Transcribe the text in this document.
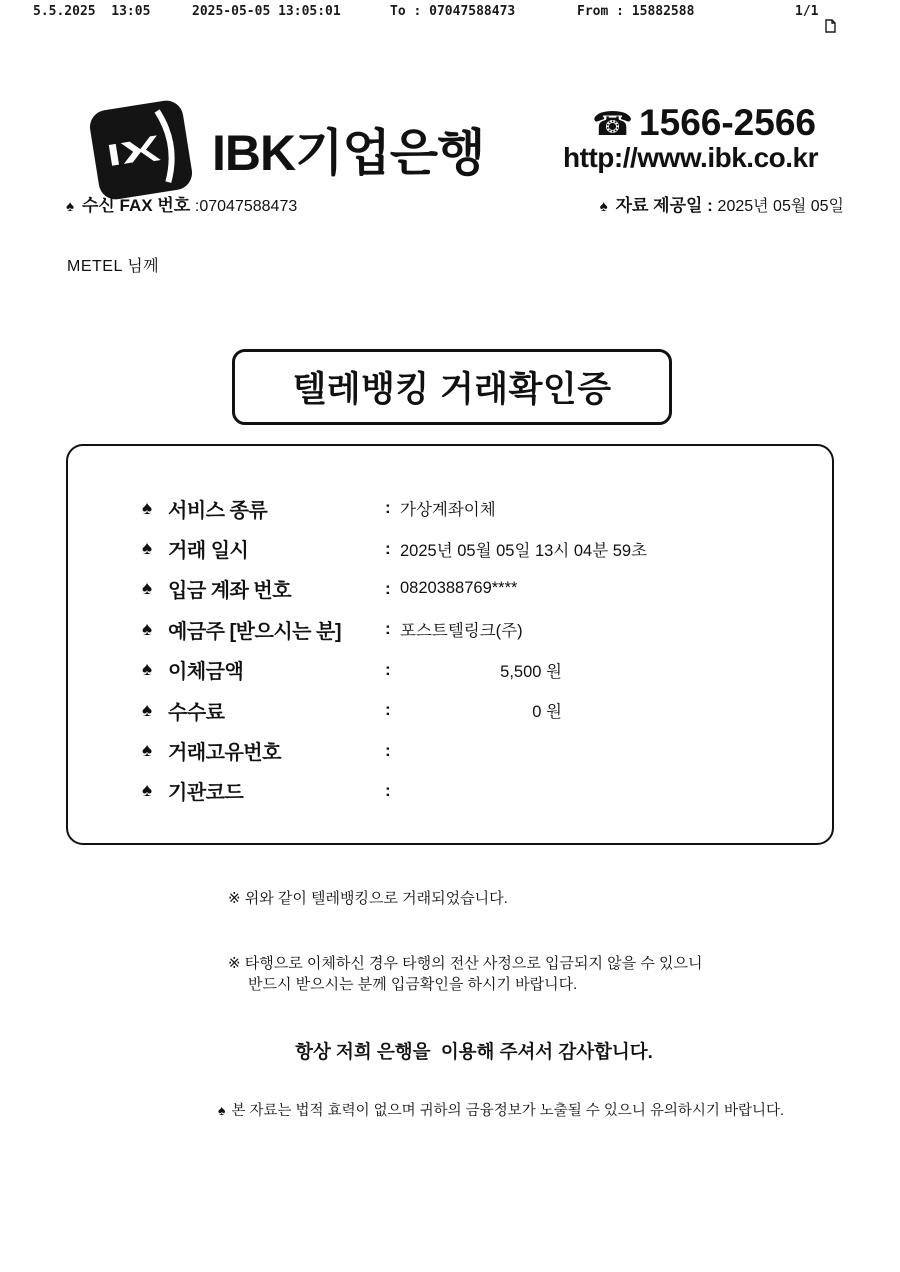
5.5.2025  13:05	2025-05-05 13:05:01	To : 07047588473	From : 15882588

	1/1
IBK기업은행
☎ 1566-2566
http://www.ibk.co.kr
♠ 수신 FAX 번호 :07047588473	♠ 자료 제공일 : 2025년 05월 05일
METEL 님께
텔레뱅킹 거래확인증
♠ 서비스 종류	: 가상계좌이체
♠ 거래 일시	: 2025년 05월 05일 13시 04분 59초
♠ 입금 계좌 번호	: 0820388769****
♠ 예금주 [받으시는 분]	: 포스트텔링크(주)
♠ 이체금액	:	5,500 원
♠ 수수료	:	0 원
♠ 거래고유번호	:
♠ 기관코드	:
※ 위와 같이 텔레뱅킹으로 거래되었습니다.
※ 타행으로 이체하신 경우 타행의 전산 사정으로 입금되지 않을 수 있으니
반드시 받으시는 분께 입금확인을 하시기 바랍니다.
항상 저희 은행을  이용해 주셔서 감사합니다.
♠ 본 자료는 법적 효력이 없으며 귀하의 금융정보가 노출될 수 있으니 유의하시기 바랍니다.
